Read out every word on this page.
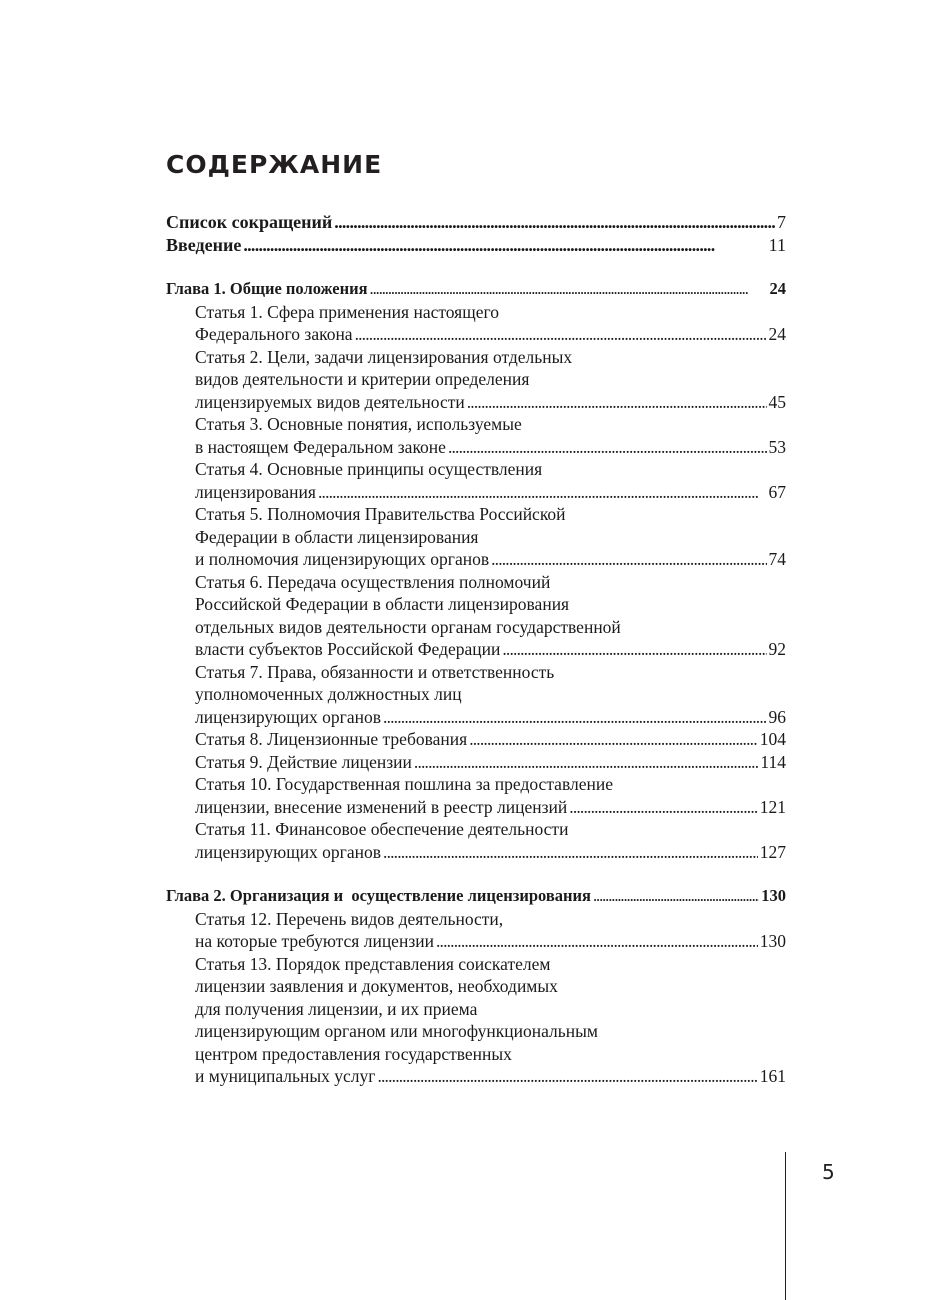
СОДЕРЖАНИЕ
Список сокращений . . .	7
Введение . . .	11
Глава 1. Общие положения . . .	24
Статья 1. Сфера применения настоящего
Федерального закона . . .	24
Статья 2. Цели, задачи лицензирования отдельных
видов деятельности и критерии определения
лицензируемых видов деятельности . . .	45
Статья 3. Основные понятия, используемые
в настоящем Федеральном законе . . .	53
Статья 4. Основные принципы осуществления
лицензирования . . .	67
Статья 5. Полномочия Правительства Российской
Федерации в области лицензирования
и полномочия лицензирующих органов . . .	74
Статья 6. Передача осуществления полномочий
Российской Федерации в области лицензирования
отдельных видов деятельности органам государственной
власти субъектов Российской Федерации . . .	92
Статья 7. Права, обязанности и ответственность
уполномоченных должностных лиц
лицензирующих органов . . .	96
Статья 8. Лицензионные требования . . .	104
Статья 9. Действие лицензии . . .	114
Статья 10. Государственная пошлина за предоставление
лицензии, внесение изменений в реестр лицензий . . .	121
Статья 11. Финансовое обеспечение деятельности
лицензирующих органов . . .	127
Глава 2. Организация и  осуществление лицензирования . . .	130
Статья 12. Перечень видов деятельности,
на которые требуются лицензии . . .	130
Статья 13. Порядок представления соискателем
лицензии заявления и документов, необходимых
для получения лицензии, и их приема
лицензирующим органом или многофункциональным
центром предоставления государственных
и муниципальных услуг . . .	161
5
